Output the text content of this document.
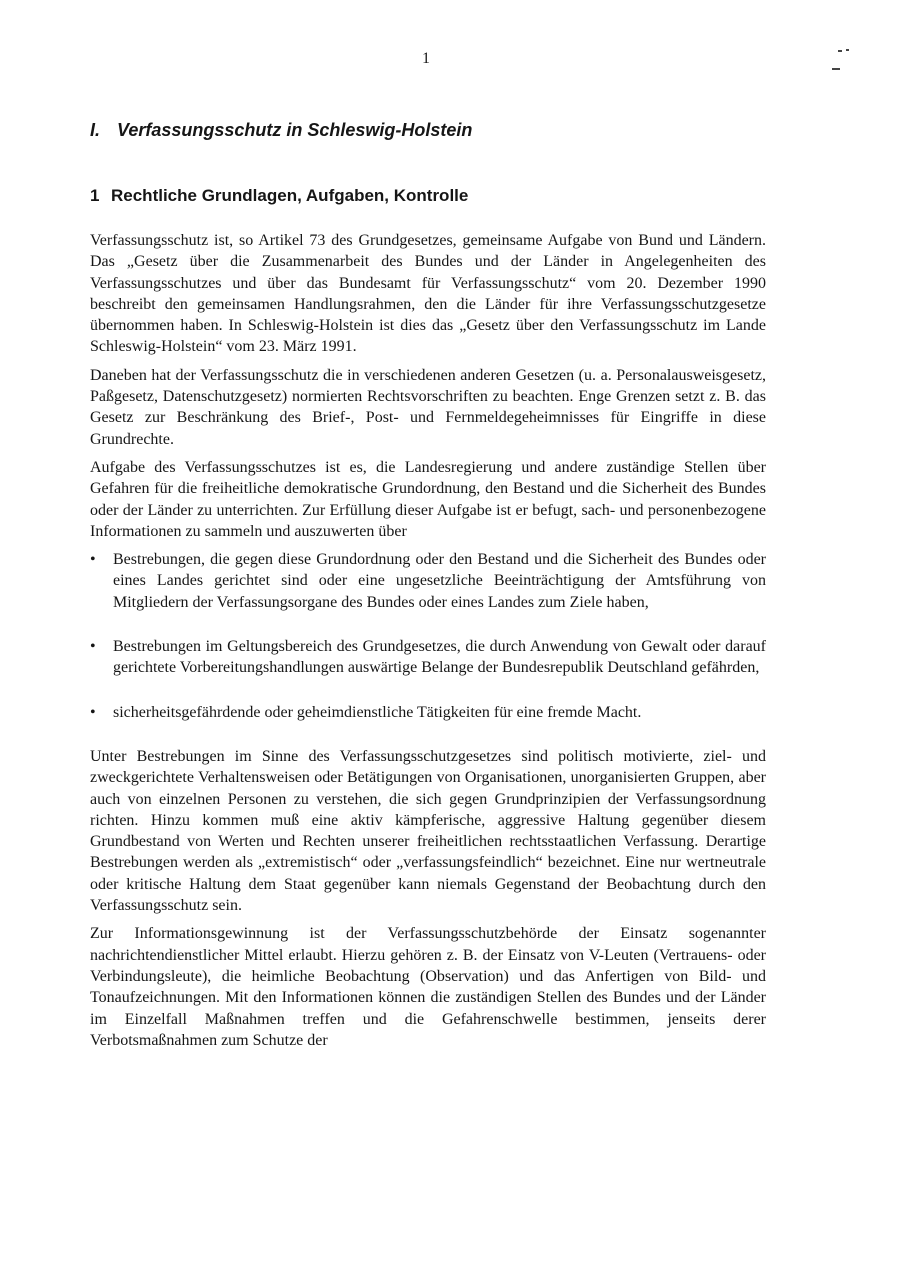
1
I. Verfassungsschutz in Schleswig-Holstein
1 Rechtliche Grundlagen, Aufgaben, Kontrolle

Verfassungsschutz ist, so Artikel 73 des Grundgesetzes, gemeinsame Aufgabe von Bund und Ländern. Das „Gesetz über die Zusammenarbeit des Bundes und der Länder in Angelegenheiten des Verfassungsschutzes und über das Bundesamt für Verfassungsschutz“ vom 20. Dezember 1990 beschreibt den gemeinsamen Handlungsrahmen, den die Länder für ihre Verfassungsschutzgesetze übernommen haben. In Schleswig-Holstein ist dies das „Gesetz über den Verfassungsschutz im Lande Schleswig-Holstein“ vom 23. März 1991.

Daneben hat der Verfassungsschutz die in verschiedenen anderen Gesetzen (u. a. Personalausweisgesetz, Paßgesetz, Datenschutzgesetz) normierten Rechtsvorschriften zu beachten. Enge Grenzen setzt z. B. das Gesetz zur Beschränkung des Brief-, Post- und Fernmeldegeheimnisses für Eingriffe in diese Grundrechte.

Aufgabe des Verfassungsschutzes ist es, die Landesregierung und andere zuständige Stellen über Gefahren für die freiheitliche demokratische Grundordnung, den Bestand und die Sicherheit des Bundes oder der Länder zu unterrichten. Zur Erfüllung dieser Aufgabe ist er befugt, sach- und personenbezogene Informationen zu sammeln und auszuwerten über

• Bestrebungen, die gegen diese Grundordnung oder den Bestand und die Sicherheit des Bundes oder eines Landes gerichtet sind oder eine ungesetzliche Beeinträchtigung der Amtsführung von Mitgliedern der Verfassungsorgane des Bundes oder eines Landes zum Ziele haben,
• Bestrebungen im Geltungsbereich des Grundgesetzes, die durch Anwendung von Gewalt oder darauf gerichtete Vorbereitungshandlungen auswärtige Belange der Bundesrepublik Deutschland gefährden,
• sicherheitsgefährdende oder geheimdienstliche Tätigkeiten für eine fremde Macht.

Unter Bestrebungen im Sinne des Verfassungsschutzgesetzes sind politisch motivierte, ziel- und zweckgerichtete Verhaltensweisen oder Betätigungen von Organisationen, unorganisierten Gruppen, aber auch von einzelnen Personen zu verstehen, die sich gegen Grundprinzipien der Verfassungsordnung richten. Hinzu kommen muß eine aktiv kämpferische, aggressive Haltung gegenüber diesem Grundbestand von Werten und Rechten unserer freiheitlichen rechtsstaatlichen Verfassung. Derartige Bestrebungen werden als „extremistisch“ oder „verfassungsfeindlich“ bezeichnet. Eine nur wertneutrale oder kritische Haltung dem Staat gegenüber kann niemals Gegenstand der Beobachtung durch den Verfassungsschutz sein.

Zur Informationsgewinnung ist der Verfassungsschutzbehörde der Einsatz sogenannter nachrichtendienstlicher Mittel erlaubt. Hierzu gehören z. B. der Einsatz von V-Leuten (Vertrauens- oder Verbindungsleute), die heimliche Beobachtung (Observation) und das Anfertigen von Bild- und Tonaufzeichnungen. Mit den Informationen können die zuständigen Stellen des Bundes und der Länder im Einzelfall Maßnahmen treffen und die Gefahrenschwelle bestimmen, jenseits derer Verbotsmaßnahmen zum Schutze der
